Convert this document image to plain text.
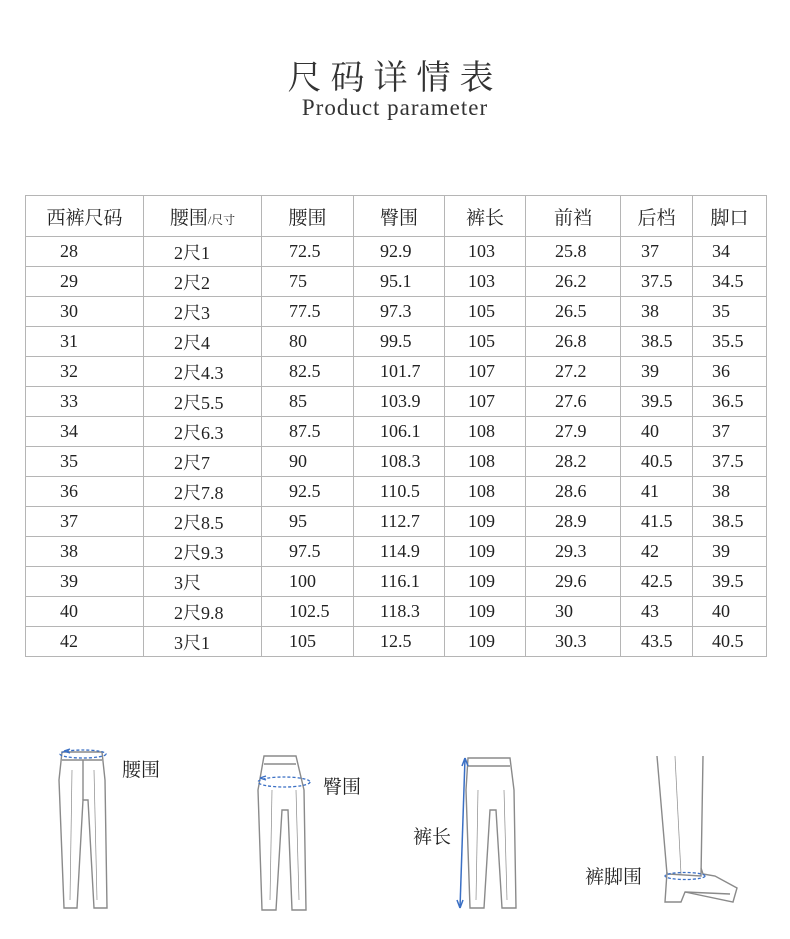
尺码详情表
Product parameter
西裤尺码	腰围/尺寸	腰围	臀围	裤长	前裆	后档	脚口
28	2尺1	72.5	92.9	103	25.8	37	34
29	2尺2	75	95.1	103	26.2	37.5	34.5
30	2尺3	77.5	97.3	105	26.5	38	35
31	2尺4	80	99.5	105	26.8	38.5	35.5
32	2尺4.3	82.5	101.7	107	27.2	39	36
33	2尺5.5	85	103.9	107	27.6	39.5	36.5
34	2尺6.3	87.5	106.1	108	27.9	40	37
35	2尺7	90	108.3	108	28.2	40.5	37.5
36	2尺7.8	92.5	110.5	108	28.6	41	38
37	2尺8.5	95	112.7	109	28.9	41.5	38.5
38	2尺9.3	97.5	114.9	109	29.3	42	39
39	3尺	100	116.1	109	29.6	42.5	39.5
40	2尺9.8	102.5	118.3	109	30	43	40
42	3尺1	105	12.5	109	30.3	43.5	40.5
腰围
臀围
裤长
裤脚围
